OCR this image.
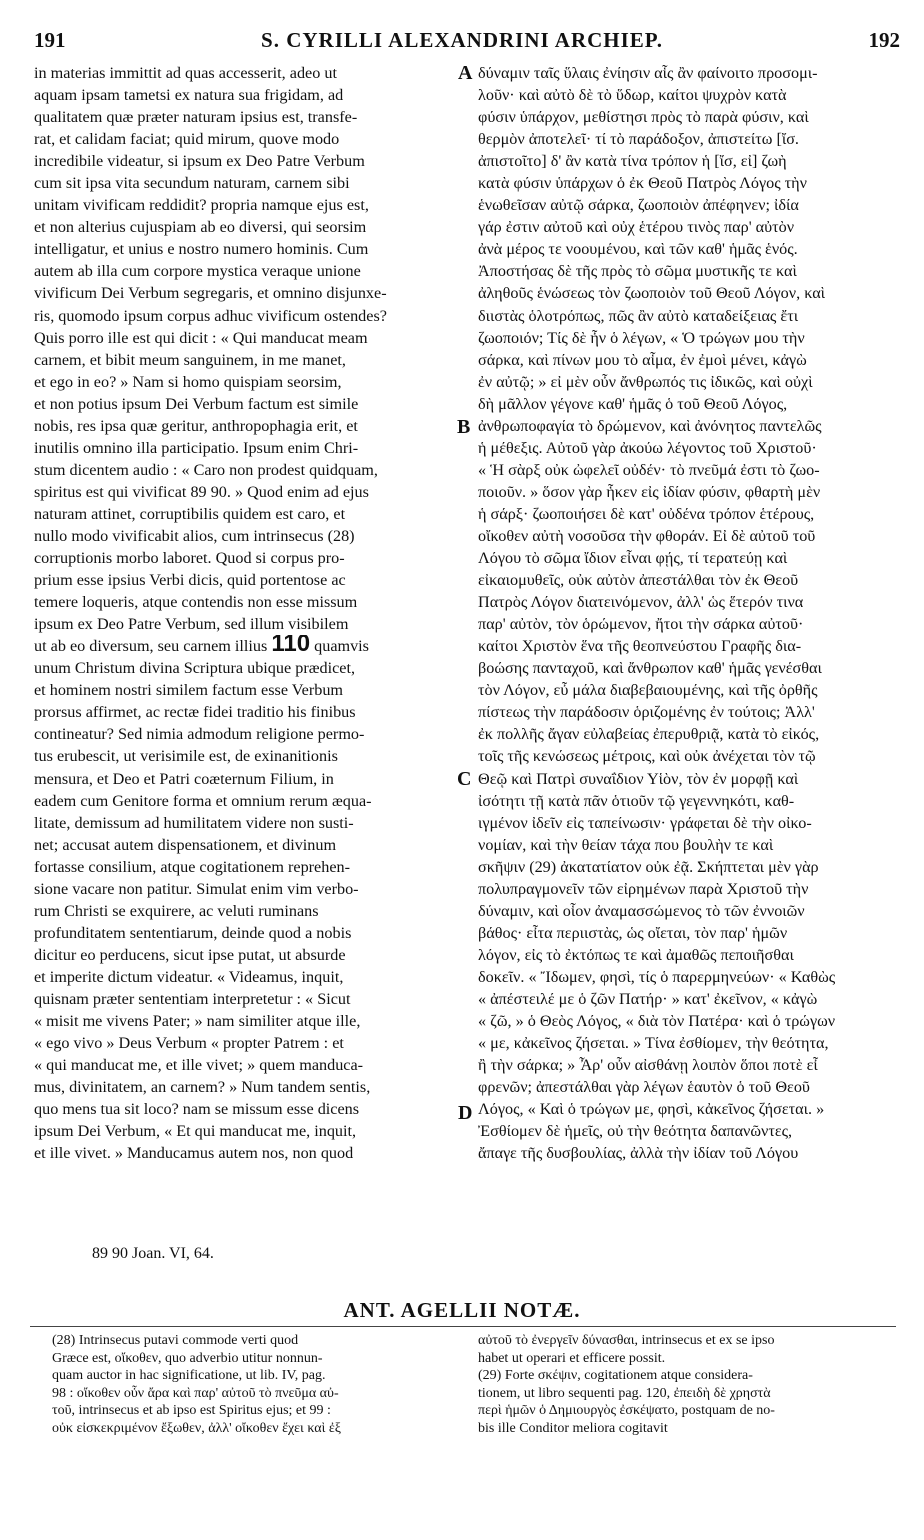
191	S. CYRILLI ALEXANDRINI ARCHIEP.	192
in materias immittit ad quas accesserit, adeo ut
aquam ipsam tametsi ex natura sua frigidam, ad
qualitatem quæ præter naturam ipsius est, transfe-
rat, et calidam faciat; quid mirum, quove modo
incredibile videatur, si ipsum ex Deo Patre Verbum
cum sit ipsa vita secundum naturam, carnem sibi
unitam vivificam reddidit? propria namque ejus est,
et non alterius cujuspiam ab eo diversi, qui seorsim
intelligatur, et unius e nostro numero hominis. Cum
autem ab illa cum corpore mystica veraque unione
vivificum Dei Verbum segregaris, et omnino disjunxe-
ris, quomodo ipsum corpus adhuc vivificum ostendes?
Quis porro ille est qui dicit : « Qui manducat meam
carnem, et bibit meum sanguinem, in me manet,
et ego in eo? » Nam si homo quispiam seorsim,
et non potius ipsum Dei Verbum factum est simile
nobis, res ipsa quæ geritur, anthropophagia erit, et
inutilis omnino illa participatio. Ipsum enim Chri-
stum dicentem audio : « Caro non prodest quidquam,
spiritus est qui vivificat 89 90. » Quod enim ad ejus
naturam attinet, corruptibilis quidem est caro, et
nullo modo vivificabit alios, cum intrinsecus (28)
corruptionis morbo laboret. Quod si corpus pro-
prium esse ipsius Verbi dicis, quid portentose ac
temere loqueris, atque contendis non esse missum
ipsum ex Deo Patre Verbum, sed illum visibilem
ut ab eo diversum, seu carnem illius 110 quamvis
unum Christum divina Scriptura ubique prædicet,
et hominem nostri similem factum esse Verbum
prorsus affirmet, ac rectæ fidei traditio his finibus
contineatur? Sed nimia admodum religione permo-
tus erubescit, ut verisimile est, de exinanitionis
mensura, et Deo et Patri coæternum Filium, in
eadem cum Genitore forma et omnium rerum æqua-
litate, demissum ad humilitatem videre non susti-
net; accusat autem dispensationem, et divinum
fortasse consilium, atque cogitationem reprehen-
sione vacare non patitur. Simulat enim vim verbo-
rum Christi se exquirere, ac veluti ruminans
profunditatem sententiarum, deinde quod a nobis
dicitur eo perducens, sicut ipse putat, ut absurde
et imperite dictum videatur. « Videamus, inquit,
quisnam præter sententiam interpretetur : « Sicut
« misit me vivens Pater; » nam similiter atque ille,
« ego vivo » Deus Verbum « propter Patrem : et
« qui manducat me, et ille vivet; » quem manduca-
mus, divinitatem, an carnem? » Num tandem sentis,
quo mens tua sit loco? nam se missum esse dicens
ipsum Dei Verbum, « Et qui manducat me, inquit,
et ille vivet. » Manducamus autem nos, non quod
δύναμιν ταῖς ὕλαις ἐνίησιν αἷς ἂν φαίνοιτο προσομι-
λοῦν· καὶ αὐτὸ δὲ τὸ ὕδωρ, καίτοι ψυχρὸν κατὰ
φύσιν ὑπάρχον, μεθίστησι πρὸς τὸ παρὰ φύσιν, καὶ
θερμὸν ἀποτελεῖ· τί τὸ παράδοξον, ἀπιστείτω [ἴσ.
ἀπιστοῖτο] δ' ἂν κατὰ τίνα τρόπον ἡ [ἴσ, εἰ] ζωὴ
κατὰ φύσιν ὑπάρχων ὁ ἐκ Θεοῦ Πατρὸς Λόγος τὴν
ἑνωθεῖσαν αὐτῷ σάρκα, ζωοποιὸν ἀπέφηνεν; ἰδία
γάρ ἐστιν αὐτοῦ καὶ οὐχ ἑτέρου τινὸς παρ' αὐτὸν
ἀνὰ μέρος τε νοουμένου, καὶ τῶν καθ' ἡμᾶς ἑνός.
Ἀποστήσας δὲ τῆς πρὸς τὸ σῶμα μυστικῆς τε καὶ
ἀληθοῦς ἑνώσεως τὸν ζωοποιὸν τοῦ Θεοῦ Λόγον, καὶ
διιστὰς ὁλοτρόπως, πῶς ἂν αὐτὸ καταδείξειας ἔτι
ζωοποιόν; Τίς δὲ ἦν ὁ λέγων, « Ὁ τρώγων μου τὴν
σάρκα, καὶ πίνων μου τὸ αἷμα, ἐν ἐμοὶ μένει, κἀγὼ
ἐν αὐτῷ; » εἰ μὲν οὖν ἄνθρωπός τις ἰδικῶς, καὶ οὐχὶ
δὴ μᾶλλον γέγονε καθ' ἡμᾶς ὁ τοῦ Θεοῦ Λόγος,
ἀνθρωποφαγία τὸ δρώμενον, καὶ ἀνόνητος παντελῶς
ἡ μέθεξις. Αὐτοῦ γὰρ ἀκούω λέγοντος τοῦ Χριστοῦ·
« Ἡ σὰρξ οὐκ ὠφελεῖ οὐδέν· τὸ πνεῦμά ἐστι τὸ ζωο-
ποιοῦν. » ὅσον γὰρ ἧκεν εἰς ἰδίαν φύσιν, φθαρτὴ μὲν
ἡ σάρξ· ζωοποιήσει δὲ κατ' οὐδένα τρόπον ἑτέρους,
οἴκοθεν αὐτὴ νοσοῦσα τὴν φθοράν. Εἰ δὲ αὐτοῦ τοῦ
Λόγου τὸ σῶμα ἴδιον εἶναι φῄς, τί τερατεύῃ καὶ
εἰκαιομυθεῖς, οὐκ αὐτὸν ἀπεστάλθαι τὸν ἐκ Θεοῦ
Πατρὸς Λόγον διατεινόμενον, ἀλλ' ὡς ἕτερόν τινα
παρ' αὐτὸν, τὸν ὁρώμενον, ἤτοι τὴν σάρκα αὐτοῦ·
καίτοι Χριστὸν ἕνα τῆς θεοπνεύστου Γραφῆς δια-
βοώσης πανταχοῦ, καὶ ἄνθρωπον καθ' ἡμᾶς γενέσθαι
τὸν Λόγον, εὖ μάλα διαβεβαιουμένης, καὶ τῆς ὀρθῆς
πίστεως τὴν παράδοσιν ὁριζομένης ἐν τούτοις; Ἀλλ'
ἐκ πολλῆς ἄγαν εὐλαβείας ἐπερυθριᾷ, κατὰ τὸ εἰκός,
τοῖς τῆς κενώσεως μέτροις, καὶ οὐκ ἀνέχεται τὸν τῷ
Θεῷ καὶ Πατρὶ συναΐδιον Υἱὸν, τὸν ἐν μορφῇ καὶ
ἰσότητι τῇ κατὰ πᾶν ὁτιοῦν τῷ γεγεννηκότι, καθ-
ιγμένον ἰδεῖν εἰς ταπείνωσιν· γράφεται δὲ τὴν οἰκο-
νομίαν, καὶ τὴν θείαν τάχα που βουλὴν τε καὶ
σκῆψιν (29) ἀκατατίατον οὐκ ἐᾷ. Σκήπτεται μὲν γὰρ
πολυπραγμονεῖν τῶν εἰρημένων παρὰ Χριστοῦ τὴν
δύναμιν, καὶ οἷον ἀναμασσώμενος τὸ τῶν ἐννοιῶν
βάθος· εἶτα περιιστὰς, ὡς οἴεται, τὸν παρ' ἡμῶν
λόγον, εἰς τὸ ἐκτόπως τε καὶ ἀμαθῶς πεποιῆσθαι
δοκεῖν. « Ἴδωμεν, φησὶ, τίς ὁ παρερμηνεύων· « Καθὼς
« ἀπέστειλέ με ὁ ζῶν Πατήρ· » κατ' ἐκεῖνον, « κἀγὼ
« ζῶ, » ὁ Θεὸς Λόγος, « διὰ τὸν Πατέρα· καὶ ὁ τρώγων
« με, κἀκεῖνος ζήσεται. » Τίνα ἐσθίομεν, τὴν θεότητα,
ἢ τὴν σάρκα; » Ἆρ' οὖν αἰσθάνῃ λοιπὸν ὅποι ποτὲ εἶ
φρενῶν; ἀπεστάλθαι γὰρ λέγων ἑαυτὸν ὁ τοῦ Θεοῦ
Λόγος, « Καὶ ὁ τρώγων με, φησὶ, κἀκεῖνος ζήσεται. »
Ἐσθίομεν δὲ ἡμεῖς, οὐ τὴν θεότητα δαπανῶντες,
ἄπαγε τῆς δυσβουλίας, ἀλλὰ τὴν ἰδίαν τοῦ Λόγου
A
B
C
D
89 90 Joan. VI, 64.
ANT. AGELLII NOTÆ.
(28) Intrinsecus putavi commode verti quod
Græce est, οἴκοθεν, quo adverbio utitur nonnun-
quam auctor in hac significatione, ut lib. IV, pag.
98 : οἴκοθεν οὖν ἄρα καὶ παρ' αὐτοῦ τὸ πνεῦμα αὐ-
τοῦ, intrinsecus et ab ipso est Spiritus ejus; et 99 :
οὐκ εἰσκεκριμένον ἔξωθεν, ἀλλ' οἴκοθεν ἔχει καὶ ἐξ
αὐτοῦ τὸ ἐνεργεῖν δύνασθαι, intrinsecus et ex se ipso
habet ut operari et efficere possit.
(29) Forte σκέψιν, cogitationem atque considera-
tionem, ut libro sequenti pag. 120, ἐπειδὴ δὲ χρηστὰ
περὶ ἡμῶν ὁ Δημιουργὸς ἐσκέψατο, postquam de no-
bis ille Conditor meliora cogitavit
